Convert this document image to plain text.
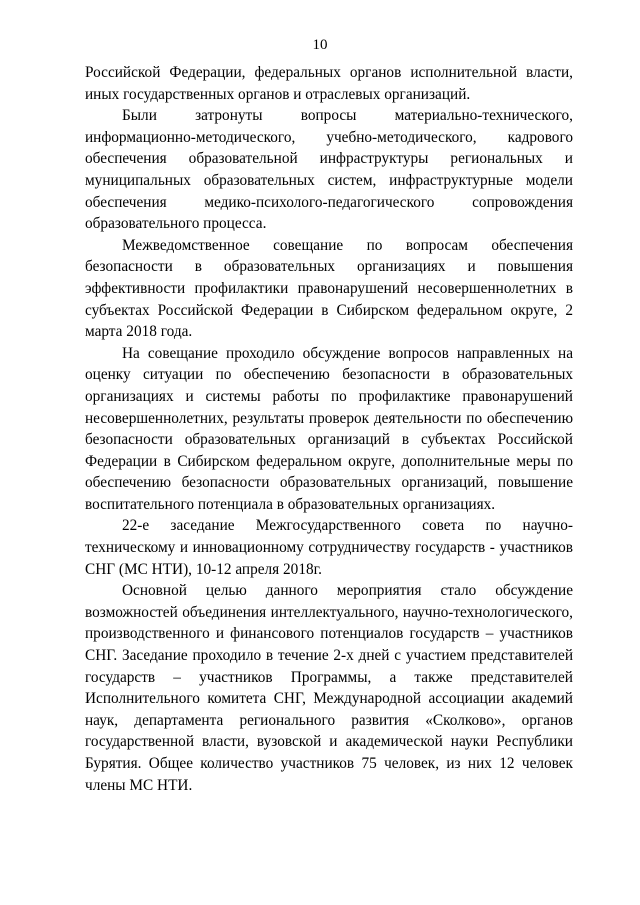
10

Российской Федерации, федеральных органов исполнительной власти, иных государственных органов и отраслевых организаций.

Были затронуты вопросы материально-технического, информационно-методического, учебно-методического, кадрового обеспечения образовательной инфраструктуры региональных и муниципальных образовательных систем, инфраструктурные модели обеспечения медико-психолого-педагогического сопровождения образовательного процесса.

Межведомственное совещание по вопросам обеспечения безопасности в образовательных организациях и повышения эффективности профилактики правонарушений несовершеннолетних в субъектах Российской Федерации в Сибирском федеральном округе, 2 марта 2018 года.

На совещание проходило обсуждение вопросов направленных на оценку ситуации по обеспечению безопасности в образовательных организациях и системы работы по профилактике правонарушений несовершеннолетних, результаты проверок деятельности по обеспечению безопасности образовательных организаций в субъектах Российской Федерации в Сибирском федеральном округе, дополнительные меры по обеспечению безопасности образовательных организаций, повышение воспитательного потенциала в образовательных организациях.

22-е заседание Межгосударственного совета по научно-техническому и инновационному сотрудничеству государств - участников СНГ (МС НТИ), 10-12 апреля 2018г.

Основной целью данного мероприятия стало обсуждение возможностей объединения интеллектуального, научно-технологического, производственного и финансового потенциалов государств – участников СНГ. Заседание проходило в течение 2-х дней с участием представителей государств – участников Программы, а также представителей Исполнительного комитета СНГ, Международной ассоциации академий наук, департамента регионального развития «Сколково», органов государственной власти, вузовской и академической науки Республики Бурятия. Общее количество участников 75 человек, из них 12 человек члены МС НТИ.
